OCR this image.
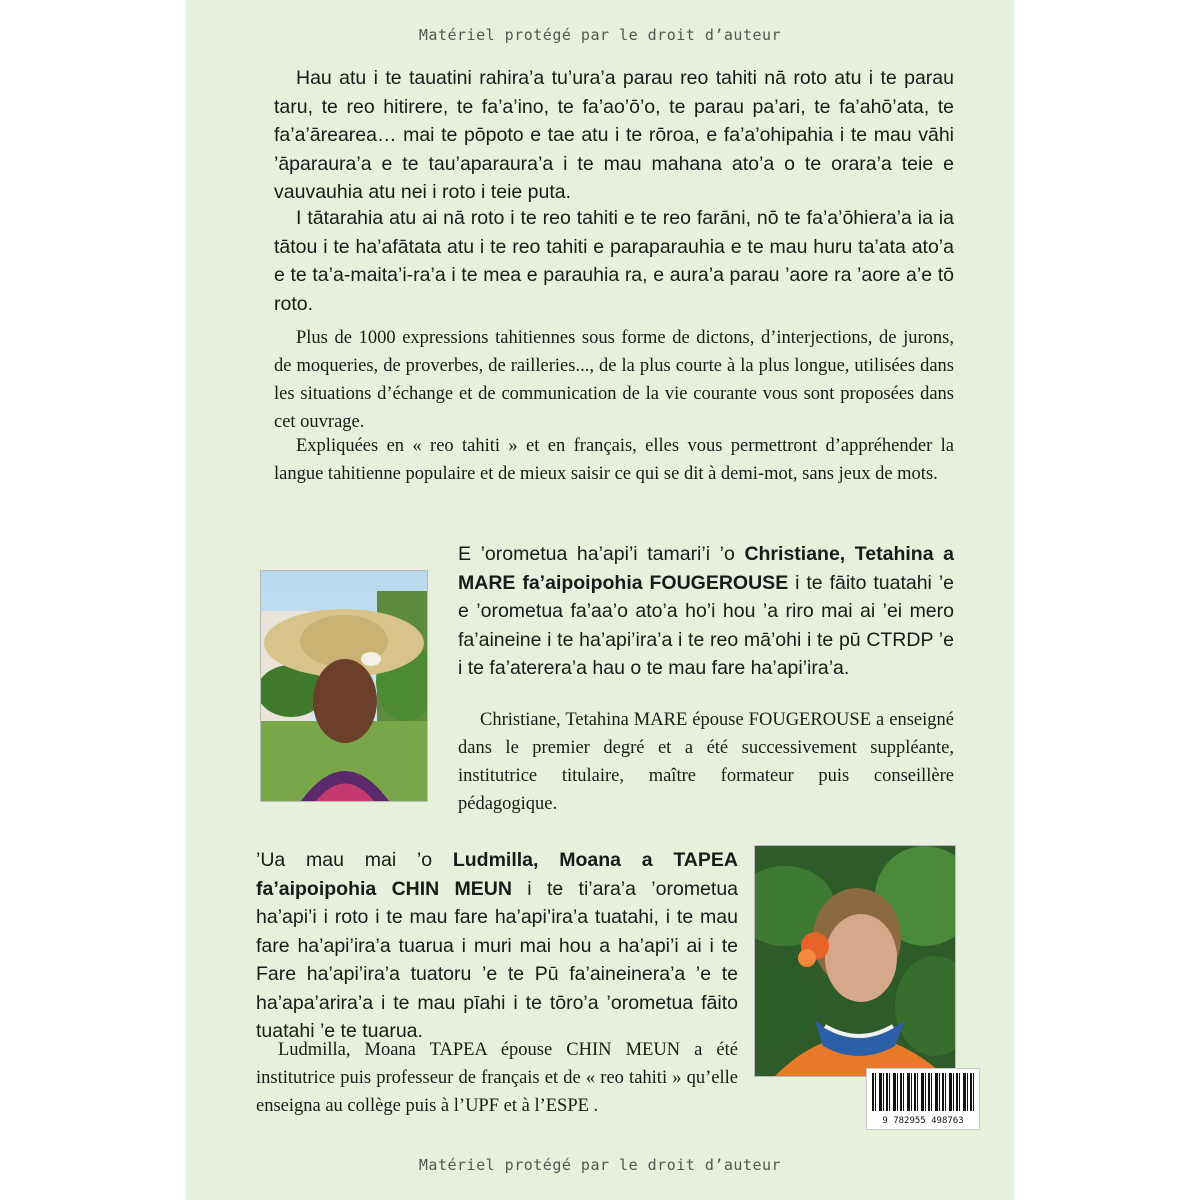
Matériel protégé par le droit d’auteur

Hau atu i te tauatini rahira’a tu’ura’a parau reo tahiti nā roto atu i te parau taru, te reo hitirere, te fa’a’ino, te fa’ao’ō’o, te parau pa’ari, te fa’ahō’ata, te fa’a’ārearea… mai te pōpoto e tae atu i te rōroa, e fa’a’ohipahia i te mau vāhi ’āparaura’a e te tau’aparaura’a i te mau mahana ato’a o te orara’a teie e vauvauhia atu nei i roto i teie puta.

I tātarahia atu ai nā roto i te reo tahiti e te reo farāni, nō te fa’a’ōhiera’a ia ia tātou i te ha’afātata atu i te reo tahiti e paraparauhia e te mau huru ta’ata ato’a e te ta’a-maita’i-ra’a i te mea e parauhia ra, e aura’a parau ’aore ra ’aore a’e tō roto.

Plus de 1000 expressions tahitiennes sous forme de dictons, d’interjections, de jurons, de moqueries, de proverbes, de railleries..., de la plus courte à la plus longue, utilisées dans les situations d’échange et de communication de la vie courante vous sont proposées dans cet ouvrage.

Expliquées en « reo tahiti » et en français, elles vous permettront d’appréhender la langue tahitienne populaire et de mieux saisir ce qui se dit à demi-mot, sans jeux de mots.

E ’orometua ha’api’i tamari’i ’o Christiane, Tetahina a MARE fa’aipoipohia FOUGEROUSE i te fāito tuatahi ’e e ’orometua fa’aa’o ato’a ho’i hou ’a riro mai ai ’ei mero fa’aineine i te ha’api’ira’a i te reo mā’ohi i te pū CTRDP ’e i te fa’aterera’a hau o te mau fare ha’api’ira’a.

Christiane, Tetahina MARE épouse FOUGEROUSE a enseigné dans le premier degré et a été successivement suppléante, institutrice titulaire, maître formateur puis conseillère pédagogique.

’Ua mau mai ’o Ludmilla, Moana a TAPEA fa’aipoipohia CHIN MEUN i te ti’ara’a ’orometua ha’api’i i roto i te mau fare ha’api’ira’a tuatahi, i te mau fare ha’api’ira’a tuarua i muri mai hou a ha’api’i ai i te Fare ha’api’ira’a tuatoru ’e te Pū fa’aineinera’a ’e te ha’apa’arira’a i te mau pīahi i te tōro’a ’orometua fāito tuatahi ’e te tuarua.

Ludmilla, Moana TAPEA épouse CHIN MEUN a été institutrice puis professeur de français et de « reo tahiti » qu’elle enseigna au collège puis à l’UPF et à l’ESPE .

9 782955 498763
Matériel protégé par le droit d’auteur
